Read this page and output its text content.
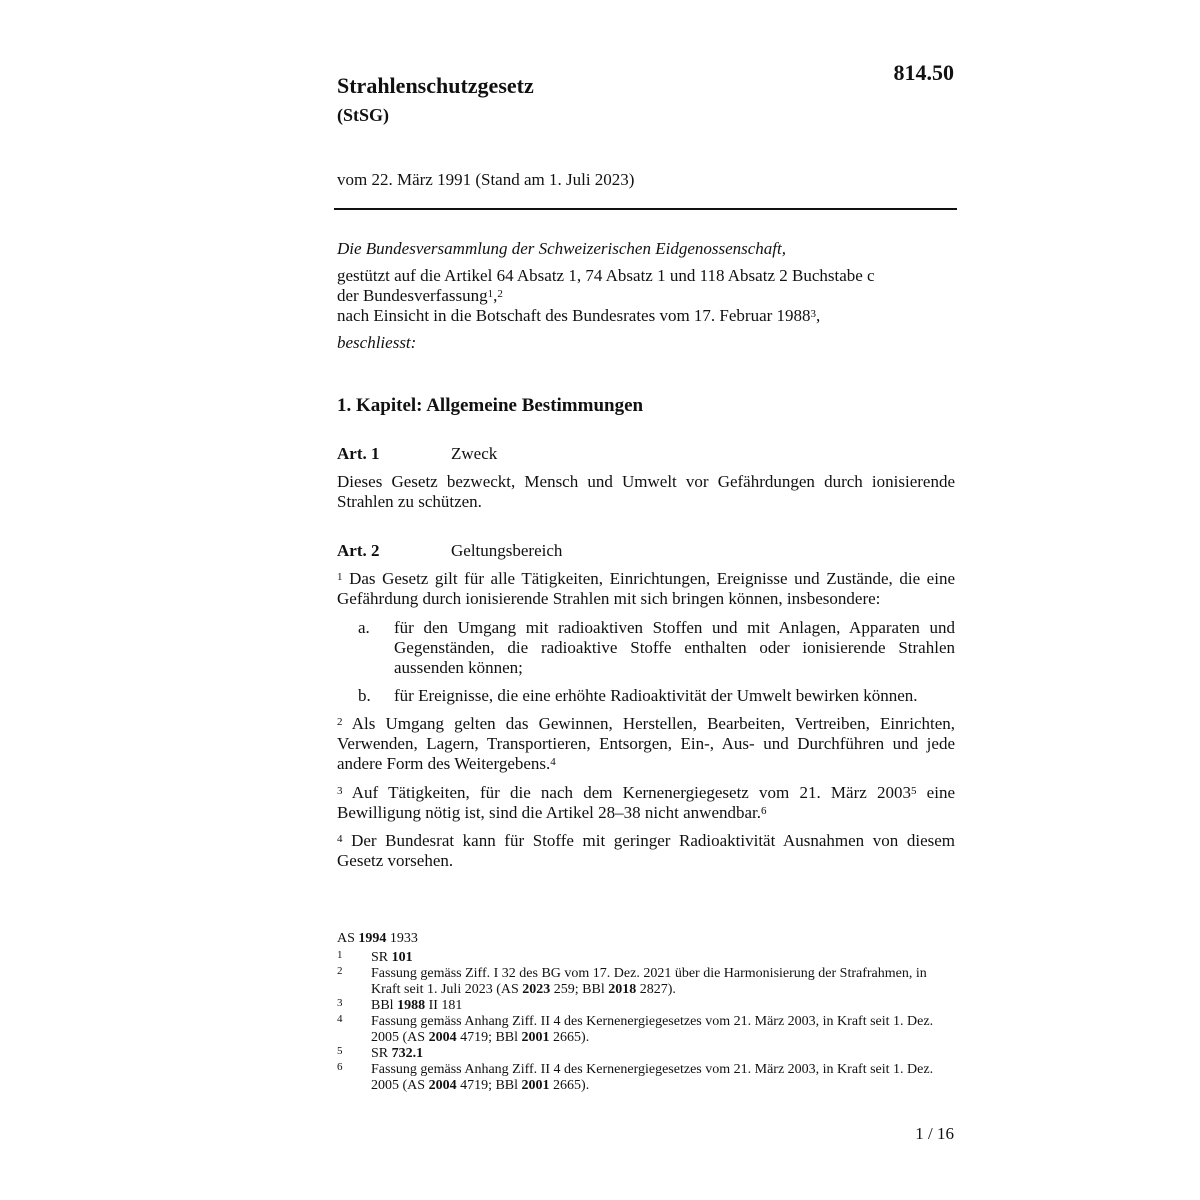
814.50
Strahlenschutzgesetz
(StSG)
vom 22. März 1991 (Stand am 1. Juli 2023)
Die Bundesversammlung der Schweizerischen Eidgenossenschaft,
gestützt auf die Artikel 64 Absatz 1, 74 Absatz 1 und 118 Absatz 2 Buchstabe c
der Bundesverfassung$^1$,$^2$
nach Einsicht in die Botschaft des Bundesrates vom 17. Februar 1988$^3$,
beschliesst:
1. Kapitel: Allgemeine Bestimmungen
Art. 1	Zweck
Dieses Gesetz bezweckt, Mensch und Umwelt vor Gefährdungen durch ionisierende Strahlen zu schützen.
Art. 2	Geltungsbereich
$^1$ Das Gesetz gilt für alle Tätigkeiten, Einrichtungen, Ereignisse und Zustände, die eine Gefährdung durch ionisierende Strahlen mit sich bringen können, insbesondere:
a. für den Umgang mit radioaktiven Stoffen und mit Anlagen, Apparaten und Gegenständen, die radioaktive Stoffe enthalten oder ionisierende Strahlen aussenden können;
b. für Ereignisse, die eine erhöhte Radioaktivität der Umwelt bewirken können.
$^2$ Als Umgang gelten das Gewinnen, Herstellen, Bearbeiten, Vertreiben, Einrichten, Verwenden, Lagern, Transportieren, Entsorgen, Ein-, Aus- und Durchführen und jede andere Form des Weitergebens.$^4$
$^3$ Auf Tätigkeiten, für die nach dem Kernenergiegesetz vom 21. März 2003$^5$ eine Bewilligung nötig ist, sind die Artikel 28–38 nicht anwendbar.$^6$
$^4$ Der Bundesrat kann für Stoffe mit geringer Radioaktivität Ausnahmen von diesem Gesetz vorsehen.
AS 1994 1933
1 SR 101
2 Fassung gemäss Ziff. I 32 des BG vom 17. Dez. 2021 über die Harmonisierung der Strafrahmen, in Kraft seit 1. Juli 2023 (AS 2023 259; BBl 2018 2827).
3 BBl 1988 II 181
4 Fassung gemäss Anhang Ziff. II 4 des Kernenergiegesetzes vom 21. März 2003, in Kraft seit 1. Dez. 2005 (AS 2004 4719; BBl 2001 2665).
5 SR 732.1
6 Fassung gemäss Anhang Ziff. II 4 des Kernenergiegesetzes vom 21. März 2003, in Kraft seit 1. Dez. 2005 (AS 2004 4719; BBl 2001 2665).
1 / 16
